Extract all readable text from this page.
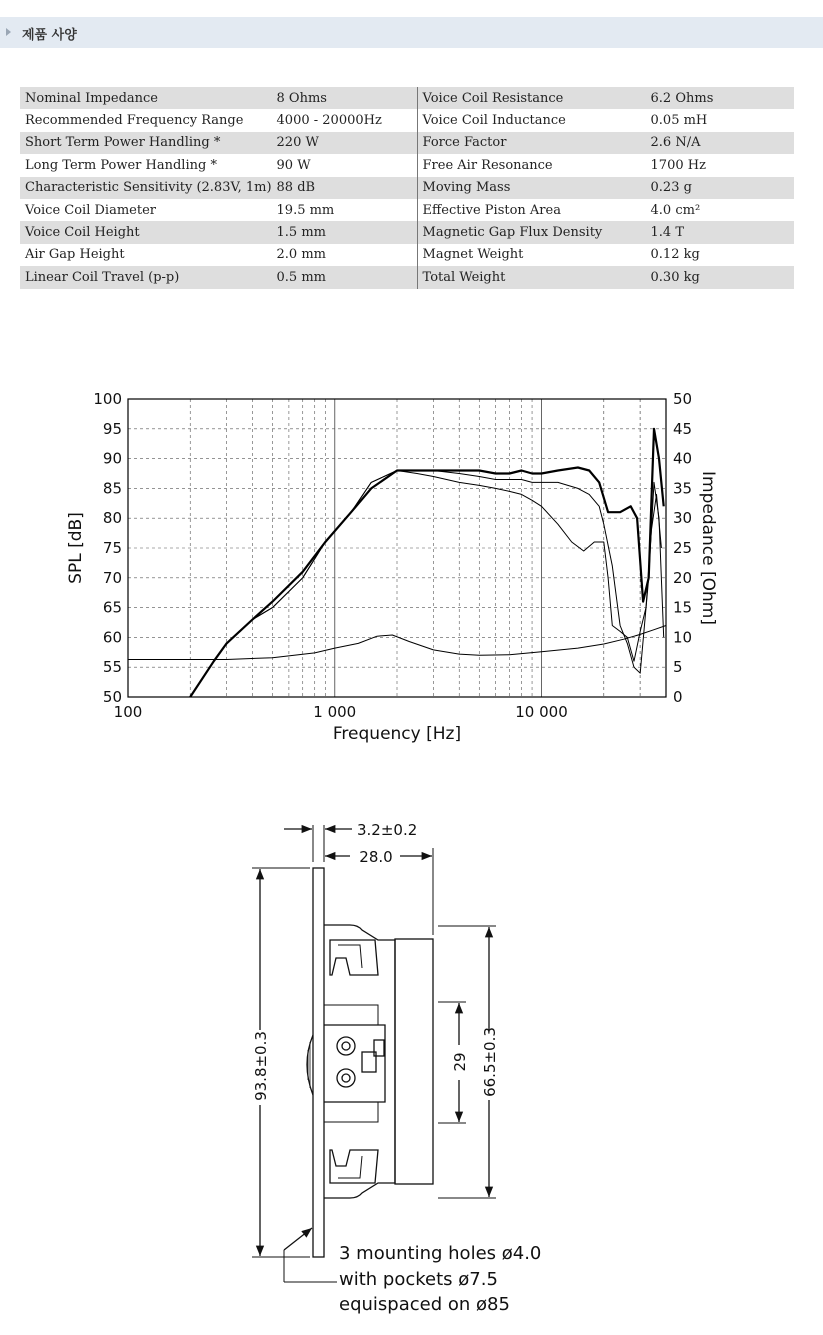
제품 사양
Nominal Impedance	8 Ohms	Voice Coil Resistance	6.2 Ohms
Recommended Frequency Range	4000 - 20000Hz	Voice Coil Inductance	0.05 mH
Short Term Power Handling *	220 W	Force Factor	2.6 N/A
Long Term Power Handling *	90 W	Free Air Resonance	1700 Hz
Characteristic Sensitivity (2.83V, 1m)	88 dB	Moving Mass	0.23 g
Voice Coil Diameter	19.5 mm	Effective Piston Area	4.0 cm²
Voice Coil Height	1.5 mm	Magnetic Gap Flux Density	1.4 T
Air Gap Height	2.0 mm	Magnet Weight	0.12 kg
Linear Coil Travel (p-p)	0.5 mm	Total Weight	0.30 kg
50
55
60
65
70
75
80
85
90
95
100
0
5
10
15
20
25
30
35
40
45
50
100	1 000	10 000
Frequency [Hz]
SPL [dB]	Impedance [Ohm]
3.2±0.2
28.0
93.8±0.3	29 66.5±0.3
3 mounting holes ø4.0
with pockets ø7.5
equispaced on ø85
